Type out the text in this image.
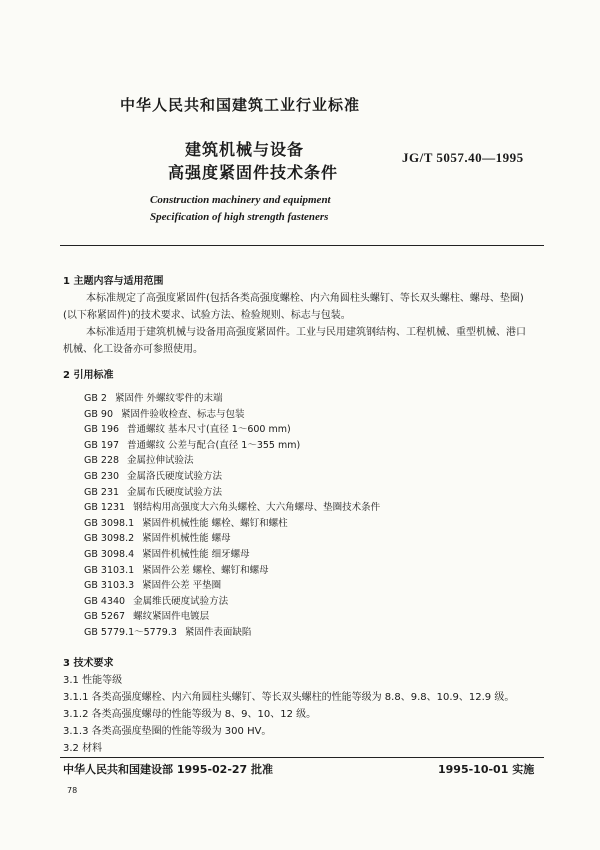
中华人民共和国建筑工业行业标准
建筑机械与设备
高强度紧固件技术条件
JG/T 5057.40—1995
Construction machinery and equipment
Specification of high strength fasteners
1 主题内容与适用范围
本标准规定了高强度紧固件(包括各类高强度螺栓、内六角圆柱头螺钉、等长双头螺柱、螺母、垫圈)
(以下称紧固件)的技术要求、试验方法、检验规则、标志与包装。
本标准适用于建筑机械与设备用高强度紧固件。工业与民用建筑钢结构、工程机械、重型机械、港口
机械、化工设备亦可参照使用。
2 引用标准
GB 2 紧固件 外螺纹零件的末端
GB 90 紧固件验收检查、标志与包装
GB 196 普通螺纹 基本尺寸(直径 1～600 mm)
GB 197 普通螺纹 公差与配合(直径 1～355 mm)
GB 228 金属拉伸试验法
GB 230 金属洛氏硬度试验方法
GB 231 金属布氏硬度试验方法
GB 1231 钢结构用高强度大六角头螺栓、大六角螺母、垫圈技术条件
GB 3098.1 紧固件机械性能 螺栓、螺钉和螺柱
GB 3098.2 紧固件机械性能 螺母
GB 3098.4 紧固件机械性能 细牙螺母
GB 3103.1 紧固件公差 螺栓、螺钉和螺母
GB 3103.3 紧固件公差 平垫圈
GB 4340 金属维氏硬度试验方法
GB 5267 螺纹紧固件电镀层
GB 5779.1～5779.3 紧固件表面缺陷
3 技术要求
3.1 性能等级
3.1.1 各类高强度螺栓、内六角圆柱头螺钉、等长双头螺柱的性能等级为 8.8、9.8、10.9、12.9 级。
3.1.2 各类高强度螺母的性能等级为 8、9、10、12 级。
3.1.3 各类高强度垫圈的性能等级为 300 HV。
3.2 材料
中华人民共和国建设部 1995-02-27 批准	1995-10-01 实施
78
